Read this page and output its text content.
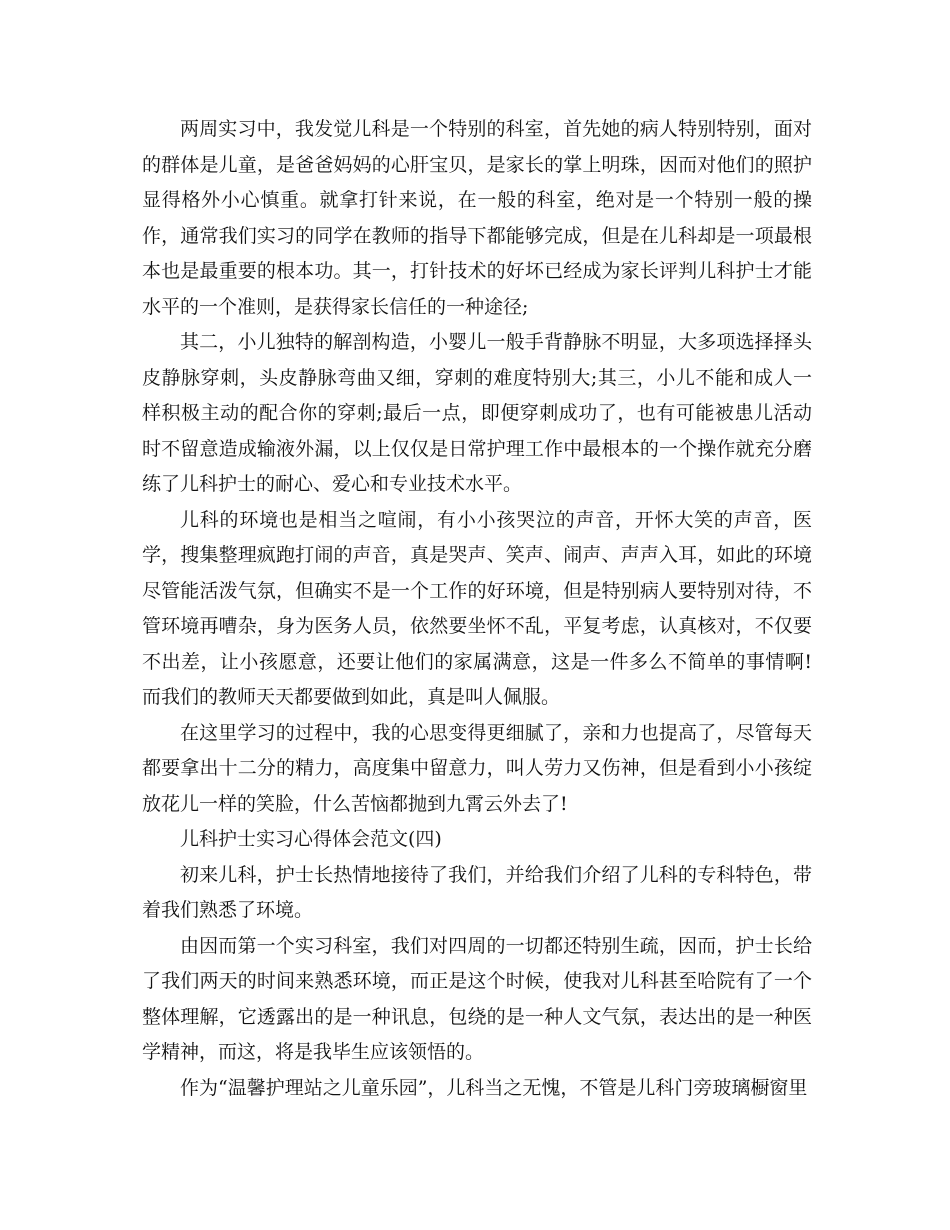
两周实习中，我发觉儿科是一个特别的科室，首先她的病人特别特别，面对的群体是儿童，是爸爸妈妈的心肝宝贝，是家长的掌上明珠，因而对他们的照护显得格外小心慎重。就拿打针来说，在一般的科室，绝对是一个特别一般的操作，通常我们实习的同学在教师的指导下都能够完成，但是在儿科却是一项最根本也是最重要的根本功。其一，打针技术的好坏已经成为家长评判儿科护士才能水平的一个准则，是获得家长信任的一种途径;

其二，小儿独特的解剖构造，小婴儿一般手背静脉不明显，大多项选择择头皮静脉穿刺，头皮静脉弯曲又细，穿刺的难度特别大;其三，小儿不能和成人一样积极主动的配合你的穿刺;最后一点，即便穿刺成功了，也有可能被患儿活动时不留意造成输液外漏，以上仅仅是日常护理工作中最根本的一个操作就充分磨练了儿科护士的耐心、爱心和专业技术水平。

儿科的环境也是相当之喧闹，有小小孩哭泣的声音，开怀大笑的声音，医学，搜集整理疯跑打闹的声音，真是哭声、笑声、闹声、声声入耳，如此的环境尽管能活泼气氛，但确实不是一个工作的好环境，但是特别病人要特别对待，不管环境再嘈杂，身为医务人员，依然要坐怀不乱，平复考虑，认真核对，不仅要不出差，让小孩愿意，还要让他们的家属满意，这是一件多么不简单的事情啊!而我们的教师天天都要做到如此，真是叫人佩服。

在这里学习的过程中，我的心思变得更细腻了，亲和力也提高了，尽管每天都要拿出十二分的精力，高度集中留意力，叫人劳力又伤神，但是看到小小孩绽放花儿一样的笑脸，什么苦恼都抛到九霄云外去了!

儿科护士实习心得体会范文(四)

初来儿科，护士长热情地接待了我们，并给我们介绍了儿科的专科特色，带着我们熟悉了环境。

由因而第一个实习科室，我们对四周的一切都还特别生疏，因而，护士长给了我们两天的时间来熟悉环境，而正是这个时候，使我对儿科甚至哈院有了一个整体理解，它透露出的是一种讯息，包绕的是一种人文气氛，表达出的是一种医学精神，而这，将是我毕生应该领悟的。

作为“温馨护理站之儿童乐园”，儿科当之无愧，不管是儿科门旁玻璃橱窗里
